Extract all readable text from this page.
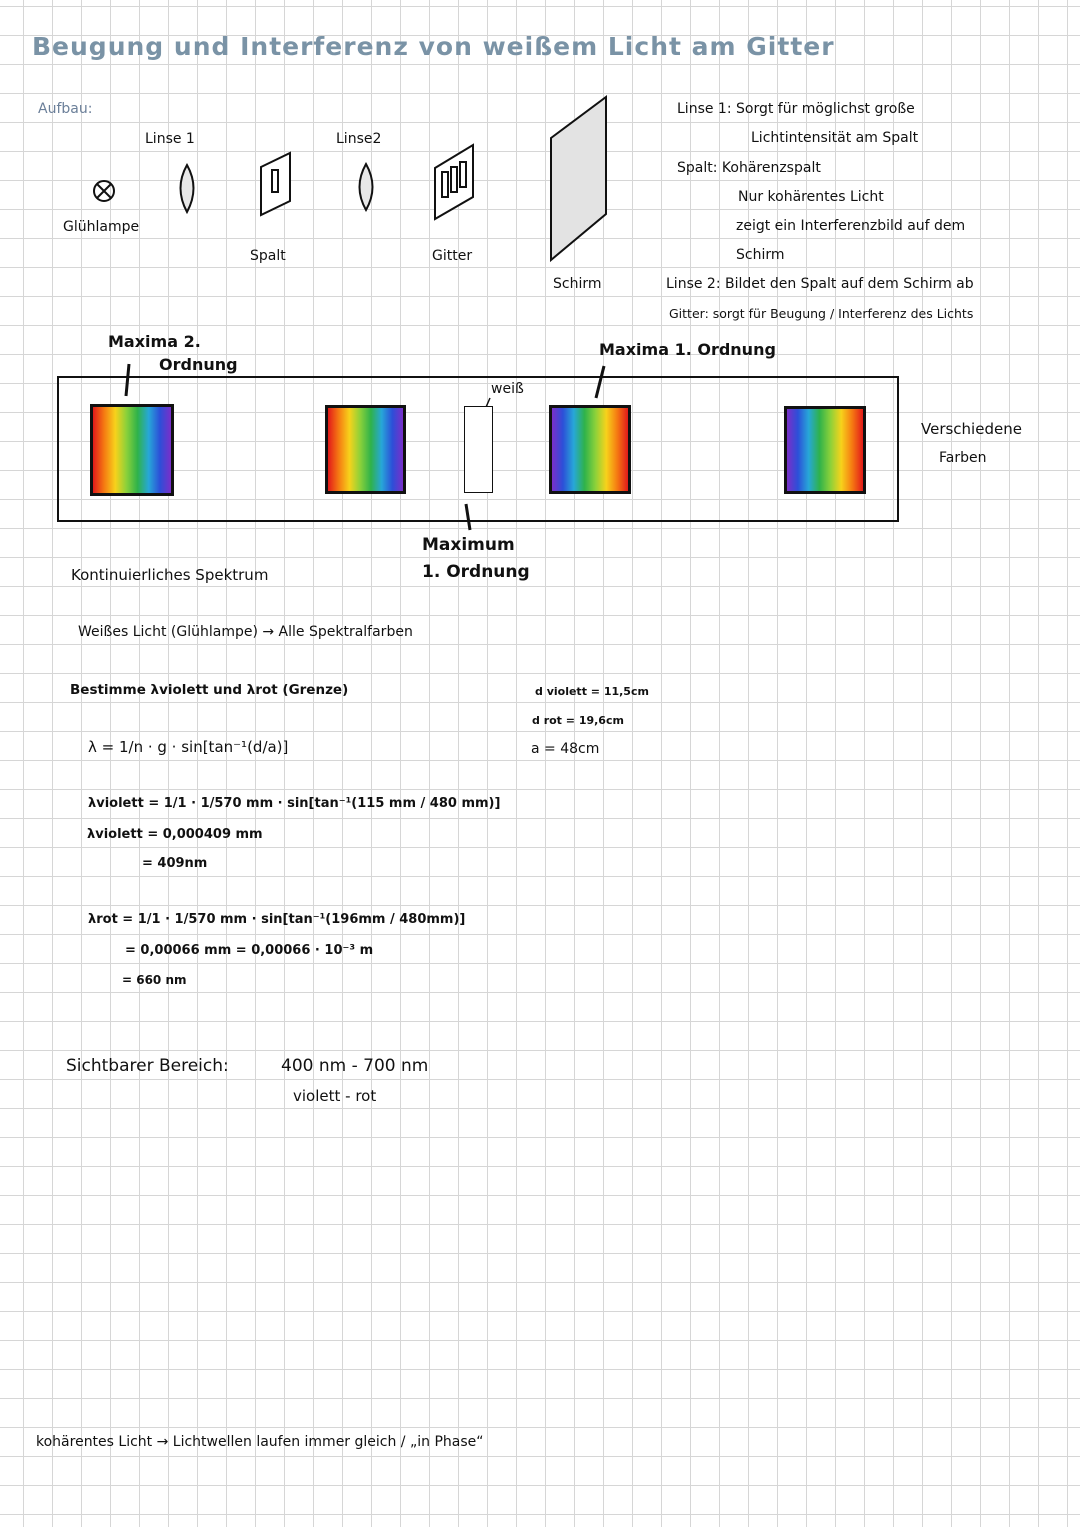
Beugung und Interferenz von weißem Licht am Gitter
Aufbau:
Linse 1	Linse2
Glühlampe
Spalt	Gitter
Schirm
Linse 1: Sorgt für möglichst große
Lichtintensität am Spalt
Spalt: Kohärenzspalt
Nur kohärentes Licht
zeigt ein Interferenzbild auf dem
Schirm
Linse 2: Bildet den Spalt auf dem Schirm ab
Gitter: sorgt für Beugung / Interferenz des Lichts
Maxima 2.
Ordnung
Maxima 1. Ordnung
weiß
Verschiedene
Farben
Maximum
1. Ordnung
Kontinuierliches Spektrum
Weißes Licht (Glühlampe) → Alle Spektralfarben
Bestimme λviolett und λrot (Grenze)	d violett = 11,5cm
d rot = 19,6cm
a = 48cm
λ = 1/n · g · sin[tan⁻¹(d/a)]
λviolett = 1/1 · 1/570 mm · sin[tan⁻¹(115 mm / 480 mm)]
λviolett = 0,000409 mm
= 409nm
λrot = 1/1 · 1/570 mm · sin[tan⁻¹(196mm / 480mm)]
= 0,00066 mm = 0,00066 · 10⁻³ m
= 660 nm
Sichtbarer Bereich:	400 nm - 700 nm
violett - rot
kohärentes Licht → Lichtwellen laufen immer gleich / „in Phase“
